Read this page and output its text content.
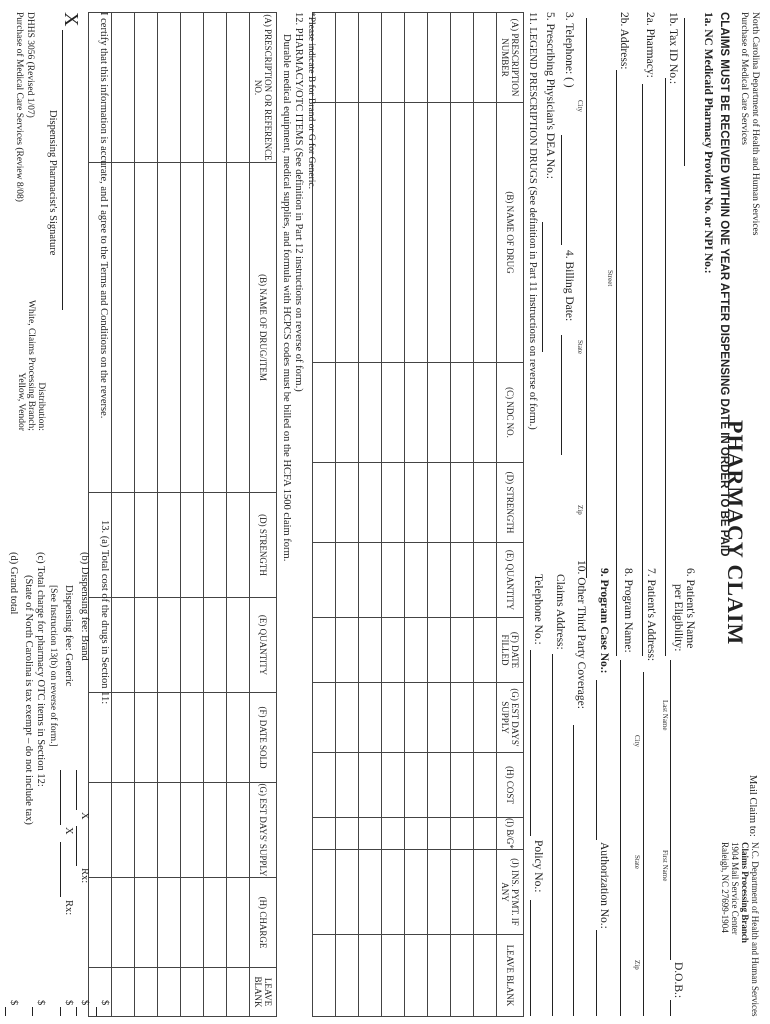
North Carolina Department of Health and Human Services
Purchase of Medical Care Services
PHARMACY CLAIM
Mail Claim to:
N.C. Department of Health and Human Services
Claims Processing Branch
1904 Mail Service Center
Raleigh, NC 27699-1904
CLAIMS MUST BE RECEIVED WITHIN ONE YEAR AFTER DISPENSING DATE IN ORDER TO BE PAID
1a. NC Medicaid Pharmacy Provider No. or NPI No.:
1b. Tax ID No.:
2a. Pharmacy:
2b. Address:
Street
City
State
Zip
3. Telephone: ( )
4. Billing Date:
5. Prescribing Physician's DEA No.:
6. Patient's Name
per Eligibility:
Last Name
First Name
D.O.B.:
7. Patient's Address:
City
State
Zip
8. Program Name:
9. Program Case No.:
Authorization No.:
10. Other Third Party Coverage:
Claims Address:
Telephone No.:
Policy No.:
11. LEGEND PRESCRIPTION DRUGS (See definition in Part 11 instructions on reverse of form.)
(A) PRESCRIPTION NUMBER	(B) NAME OF DRUG	(C) NDC NO.	(D) STRENGTH	(E) QUANTITY	(F) DATE FILLED	(G) EST DAYS' SUPPLY	(H) COST	(I) B/G*	(J) INS. PYMT. IF ANY	LEAVE BLANK

*Please indicate B for Brand or G for Generic.
12. PHARMACY/OTC ITEMS (See definition in Part 12 instructions on reverse of form.)
Durable medical equipment, medical supplies, and formula with HCPCS codes must be billed on the HCFA 1500 claim form.
(A) PRESCRIPTION OR REFERENCE NO.	(B) NAME OF DRUG/ITEM	(D) STRENGTH	(E) QUANTITY	(F) DATE SOLD	(G) EST DAYS' SUPPLY	(H) CHARGE	LEAVE BLANK

I certify that this information is accurate, and I agree to the Terms and Conditions on the reverse.
X
Dispensing Pharmacist's Signature
DHHS 3056 (Revised 1/07)
Purchase of Medical Care Services (Review 8/08)
Distribution:
White, Claims Processing Branch;
Yellow, Vendor
13. (a) Total cost of the drugs in Section 11:
$
(b) Dispensing fee: Brand
X
Rx:
$
Dispensing fee: Generic
X
Rx:
$
[See Instruction 13(b) on reverse of form.]
(c) Total charge for pharmacy OTC items in Section 12:
(State of North Carolina is tax exempt – do not include tax)
$
(d) Grand total
$
